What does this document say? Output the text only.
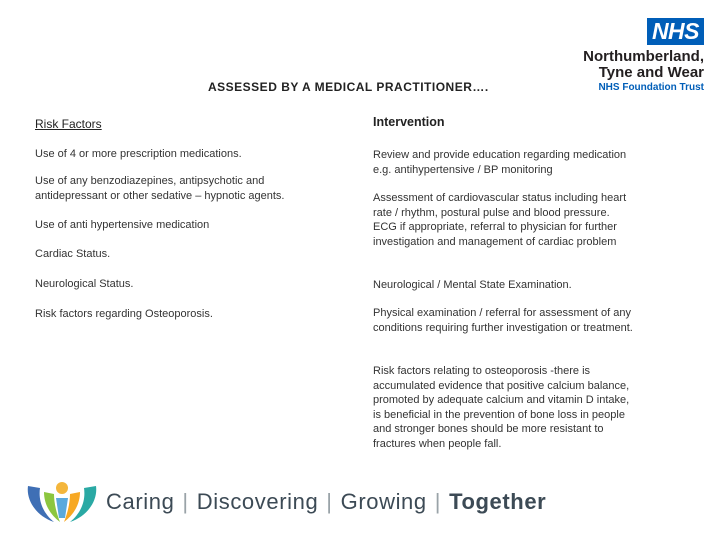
NHS
Northumberland,
Tyne and Wear
NHS Foundation Trust
ASSESSED BY A MEDICAL PRACTITIONER….
Risk Factors	Intervention
Use of 4 or more prescription medications.
Use of any benzodiazepines, antipsychotic and antidepressant or other sedative – hypnotic agents.
Use of anti hypertensive medication
Cardiac Status.
Neurological Status.
Risk factors regarding Osteoporosis.
Review and provide education regarding medication e.g. antihypertensive / BP monitoring
Assessment of cardiovascular status including heart rate / rhythm, postural pulse and blood pressure. ECG if appropriate, referral to physician for further investigation and management of cardiac problem
Neurological / Mental State Examination.
Physical examination / referral for assessment of any conditions requiring further investigation or treatment.
Risk factors relating to osteoporosis -there is accumulated evidence that positive calcium balance, promoted by adequate calcium and vitamin D intake, is beneficial in the prevention of bone loss in people and stronger bones should be more resistant to fractures when people fall.
Caring | Discovering | Growing | Together
